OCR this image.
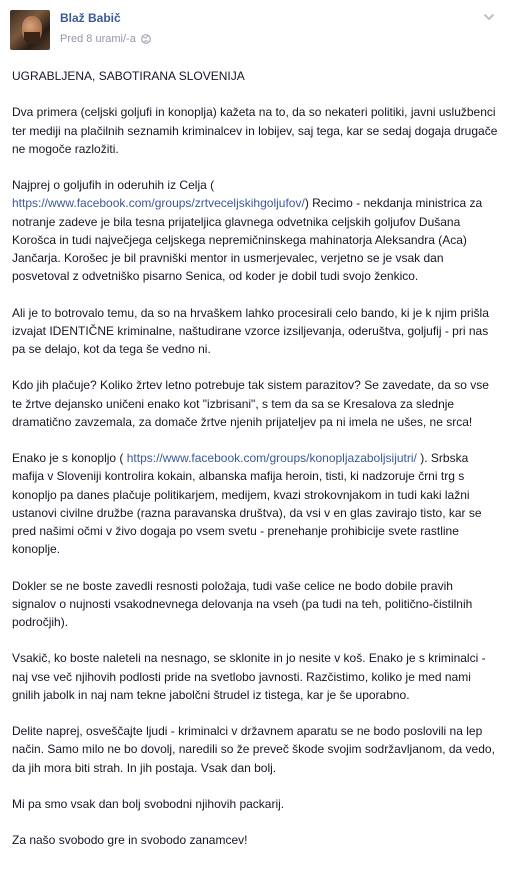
Blaž Babič
Pred 8 urami/-a

UGRABLJENA, SABOTIRANA SLOVENIJA

Dva primera (celjski goljufi in konoplja) kažeta na to, da so nekateri politiki, javni uslužbenci ter mediji na plačilnih seznamih kriminalcev in lobijev, saj tega, kar se sedaj dogaja drugače ne mogoče razložiti.

Najprej o goljufih in oderuhih iz Celja ( https://www.facebook.com/groups/zrtveceljskihgoljufov/) Recimo - nekdanja ministrica za notranje zadeve je bila tesna prijateljica glavnega odvetnika celjskih goljufov Dušana Korošca in tudi največjega celjskega nepremičninskega mahinatorja Aleksandra (Aca) Jančarja. Korošec je bil pravniški mentor in usmerjevalec, verjetno se je vsak dan posvetoval z odvetniško pisarno Senica, od koder je dobil tudi svojo ženkico.

Ali je to botrovalo temu, da so na hrvaškem lahko procesirali celo bando, ki je k njim prišla izvajat IDENTIČNE kriminalne, naštudirane vzorce izsiljevanja, oderuštva, goljufij - pri nas pa se delajo, kot da tega še vedno ni.

Kdo jih plačuje? Koliko žrtev letno potrebuje tak sistem parazitov? Se zavedate, da so vse te žrtve dejansko uničeni enako kot "izbrisani", s tem da sa se Kresalova za slednje dramatično zavzemala, za domače žrtve njenih prijateljev pa ni imela ne ušes, ne srca!

Enako je s konopljo ( https://www.facebook.com/groups/konopljazaboljsijutri/ ). Srbska mafija v Sloveniji kontrolira kokain, albanska mafija heroin, tisti, ki nadzoruje črni trg s konopljo pa danes plačuje politikarjem, medijem, kvazi strokovnjakom in tudi kaki lažni ustanovi civilne družbe (razna paravanska društva), da vsi v en glas zavirajo tisto, kar se pred našimi očmi v živo dogaja po vsem svetu - prenehanje prohibicije svete rastline konoplje.

Dokler se ne boste zavedli resnosti položaja, tudi vaše celice ne bodo dobile pravih signalov o nujnosti vsakodnevnega delovanja na vseh (pa tudi na teh, politično-čistilnih področjih).

Vsakič, ko boste naleteli na nesnago, se sklonite in jo nesite v koš. Enako je s kriminalci - naj vse več njihovih podlosti pride na svetlobo javnosti. Razčistimo, koliko je med nami gnilih jabolk in naj nam tekne jabolčni štrudel iz tistega, kar je še uporabno.

Delite naprej, osveščajte ljudi - kriminalci v državnem aparatu se ne bodo poslovili na lep način. Samo milo ne bo dovolj, naredili so že preveč škode svojim sodržavljanom, da vedo, da jih mora biti strah. In jih postaja. Vsak dan bolj.

Mi pa smo vsak dan bolj svobodni njihovih packarij.

Za našo svobodo gre in svobodo zanamcev!
